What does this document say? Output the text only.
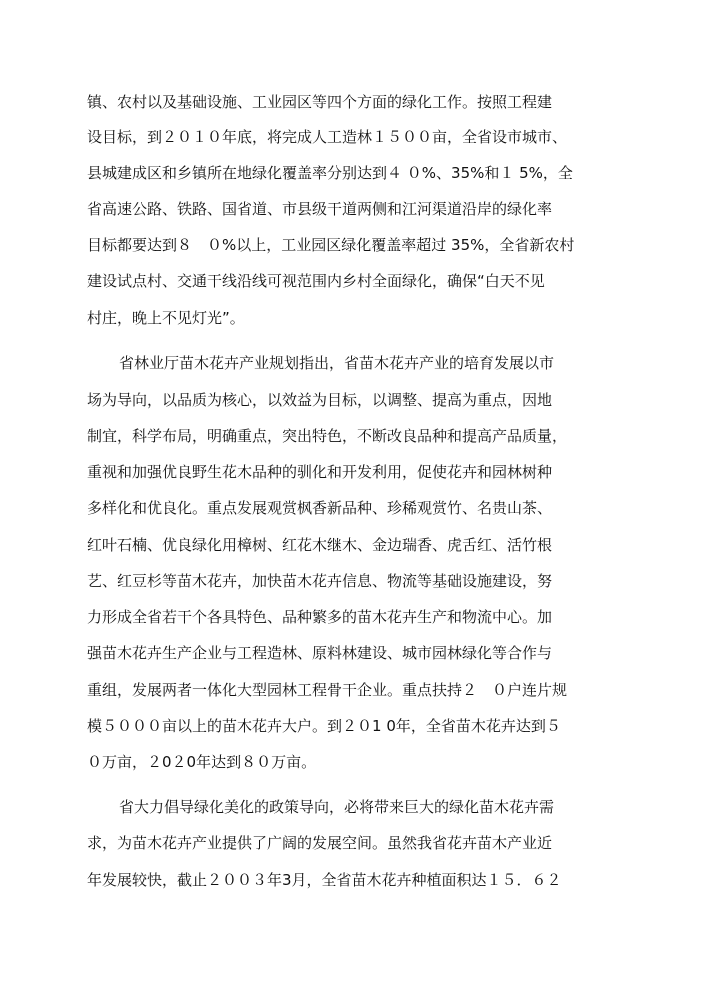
镇、农村以及基础设施、工业园区等四个方面的绿化工作。按照工程建
设目标，到２０１０年底，将完成人工造林１５００亩，全省设市城市、
县城建成区和乡镇所在地绿化覆盖率分别达到４ ０%、35%和１ 5%，全
省高速公路、铁路、国省道、市县级干道两侧和江河渠道沿岸的绿化率
目标都要达到８　０%以上，工业园区绿化覆盖率超过 35%，全省新农村
建设试点村、交通干线沿线可视范围内乡村全面绿化，确保“白天不见
村庄，晚上不见灯光”。
省林业厅苗木花卉产业规划指出，省苗木花卉产业的培育发展以市
场为导向，以品质为核心，以效益为目标，以调整、提高为重点，因地
制宜，科学布局，明确重点，突出特色，不断改良品种和提高产品质量，
重视和加强优良野生花木品种的驯化和开发利用，促使花卉和园林树种
多样化和优良化。重点发展观赏枫香新品种、珍稀观赏竹、名贵山茶、
红叶石楠、优良绿化用樟树、红花木继木、金边瑞香、虎舌红、活竹根
艺、红豆杉等苗木花卉，加快苗木花卉信息、物流等基础设施建设，努
力形成全省若干个各具特色、品种繁多的苗木花卉生产和物流中心。加
强苗木花卉生产企业与工程造林、原料林建设、城市园林绿化等合作与
重组，发展两者一体化大型园林工程骨干企业。重点扶持２　０户连片规
模５０００亩以上的苗木花卉大户。到２０1 0年，全省苗木花卉达到５
０万亩，２0２0年达到８０万亩。
省大力倡导绿化美化的政策导向，必将带来巨大的绿化苗木花卉需
求，为苗木花卉产业提供了广阔的发展空间。虽然我省花卉苗木产业近
年发展较快，截止２００３年3月，全省苗木花卉种植面积达１５．６２
